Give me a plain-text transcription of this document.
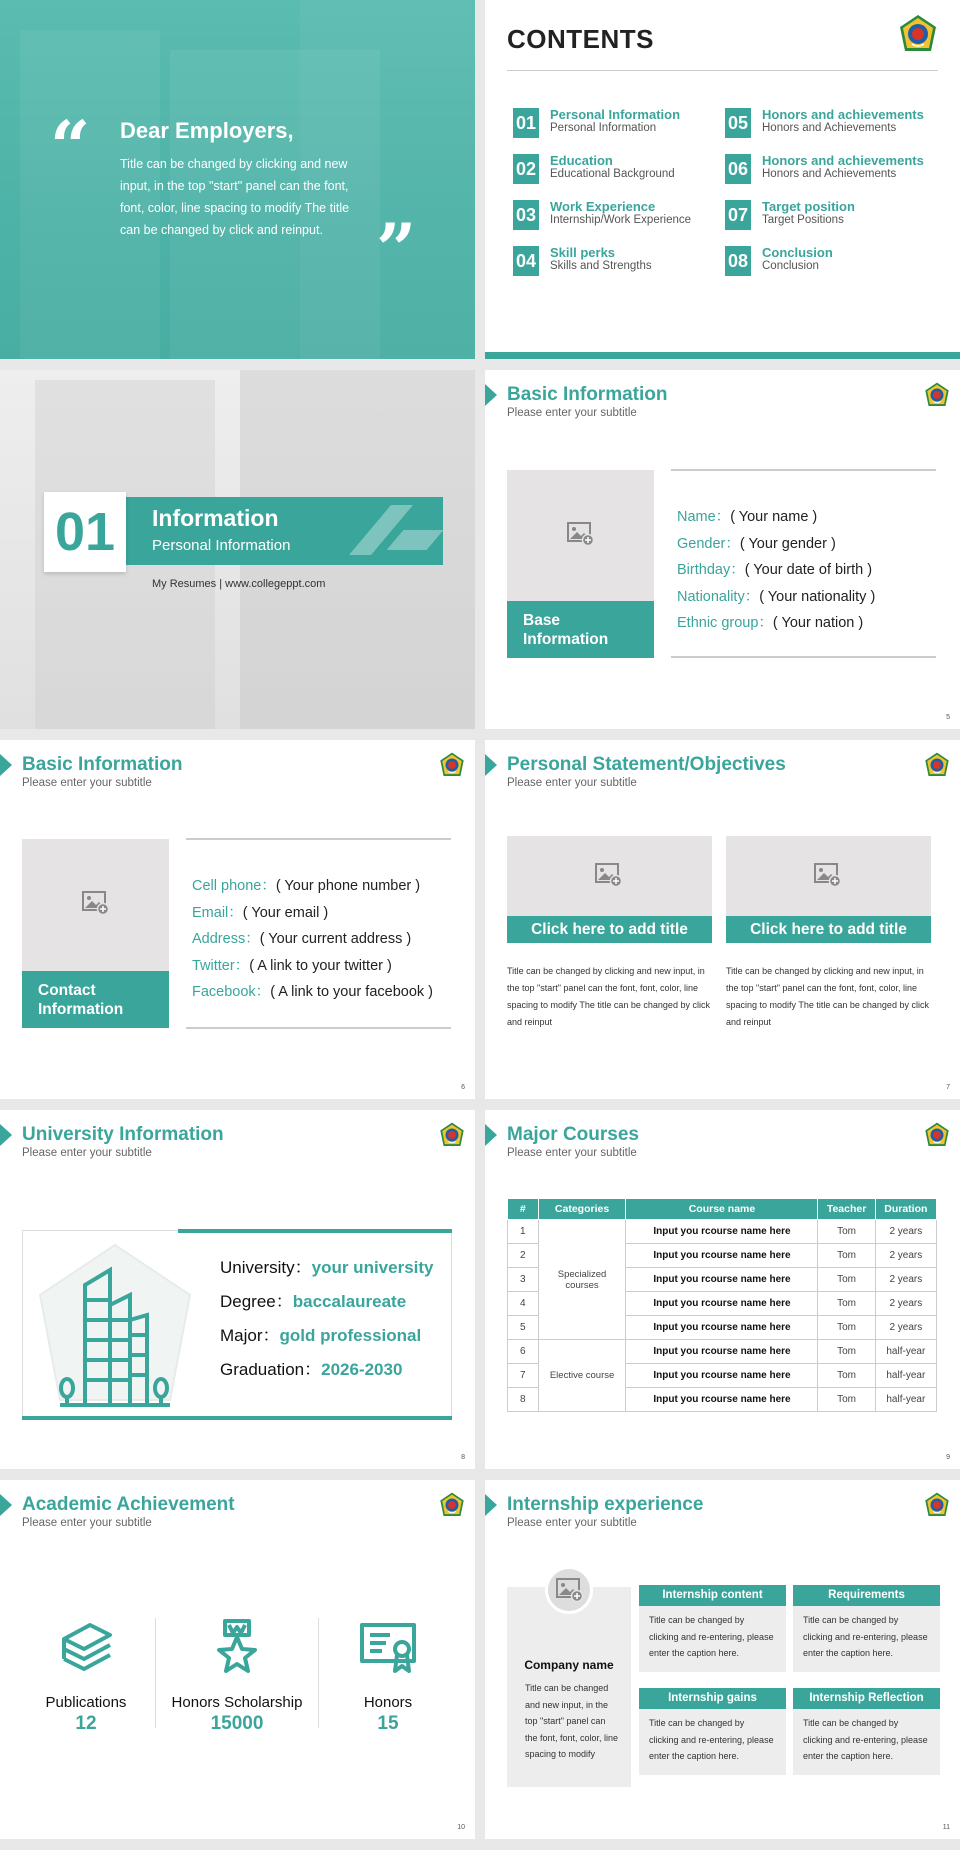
“ Dear Employers,
Title can be changed by clicking and new input, in the top "start" panel can the font, font, color, line spacing to modify The title can be changed by click and reinput. ”
CONTENTS
01 Personal Information
Personal Information
02 Education
Educational Background
03 Work Experience
Internship/Work Experience
04 Skill perks
Skills and Strengths
05 Honors and achievements
Honors and Achievements
06 Honors and achievements
Honors and Achievements
07 Target position
Target Positions
08 Conclusion
Conclusion
01	Information
Personal Information
My Resumes | www.collegeppt.com
Basic Information
Please enter your subtitle
Base Information
Name：( Your name )
Gender：( Your gender )
Birthday：( Your date of birth )
Nationality：( Your nationality )
Ethnic group：( Your nation )
5
Basic Information
Please enter your subtitle
Contact Information
Cell phone：( Your phone number )
Email：( Your email )
Address：( Your current address )
Twitter：( A link to your twitter )
Facebook：( A link to your facebook )
6
Personal Statement/Objectives
Please enter your subtitle
Click here to add title
Title can be changed by clicking and new input, in the top "start" panel can the font, font, color, line spacing to modify The title can be changed by click and reinput
Click here to add title
Title can be changed by clicking and new input, in the top "start" panel can the font, font, color, line spacing to modify The title can be changed by click and reinput
7
University Information
Please enter your subtitle
University：your university
Degree：baccalaureate
Major：gold professional
Graduation：2026-2030
8
Major Courses
Please enter your subtitle
#	Categories	Course name	Teacher	Duration
1	Specialized courses	Input you rcourse name here	Tom	2 years
2		Input you rcourse name here	Tom	2 years
3		Input you rcourse name here	Tom	2 years
4		Input you rcourse name here	Tom	2 years
5		Input you rcourse name here	Tom	2 years
6	Elective course	Input you rcourse name here	Tom	half-year
7		Input you rcourse name here	Tom	half-year
8		Input you rcourse name here	Tom	half-year
9
Academic Achievement
Please enter your subtitle
Publications
12
Honors Scholarship
15000
Honors
15
10
Internship experience
Please enter your subtitle
Company name
Title can be changed and new input, in the top "start" panel can the font, font, color, line spacing to modify
Internship content
Title can be changed by clicking and re-entering, please enter the caption here.
Requirements
Title can be changed by clicking and re-entering, please enter the caption here.
Internship gains
Title can be changed by clicking and re-entering, please enter the caption here.
Internship Reflection
Title can be changed by clicking and re-entering, please enter the caption here.
11
